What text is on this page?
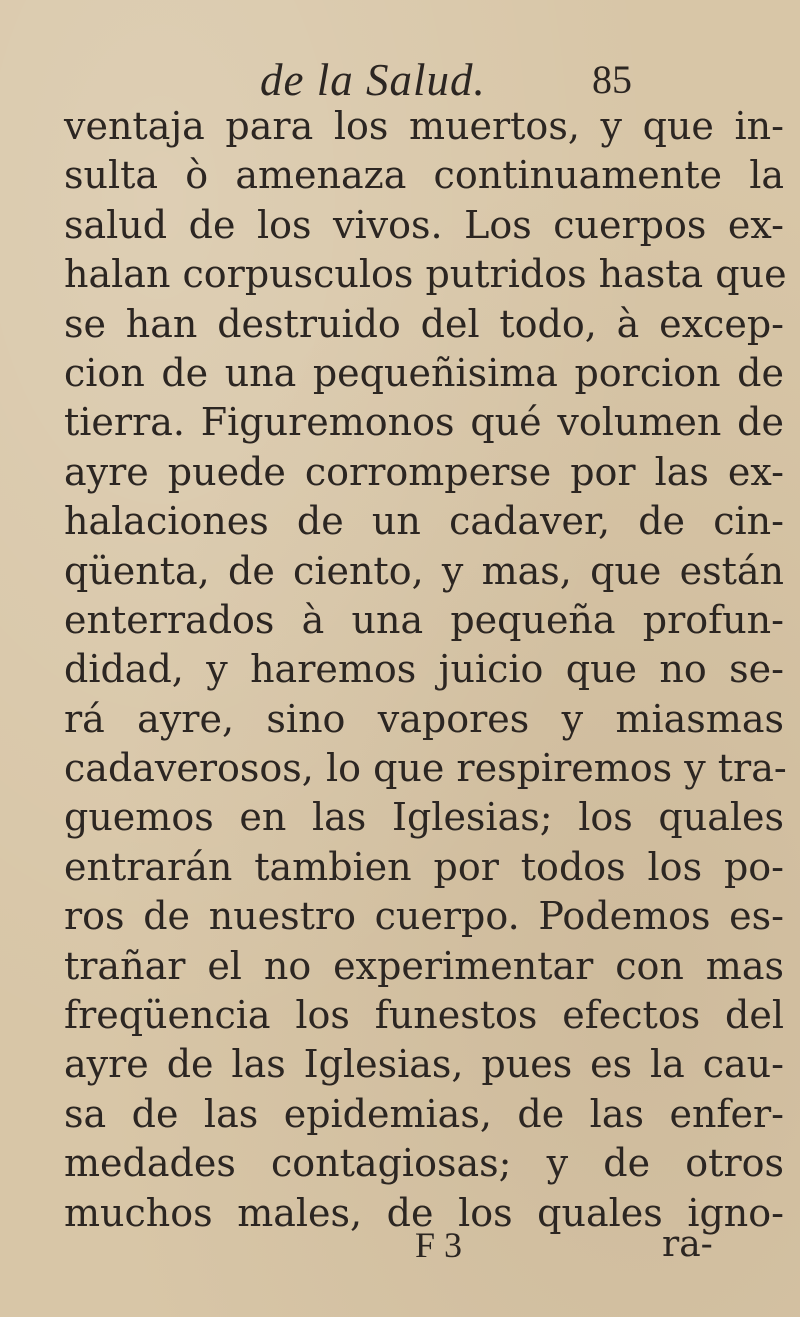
de la Salud.	85
ventaja para los muertos, y que in-
sulta ò amenaza continuamente la
salud de los vivos. Los cuerpos ex-
halan corpusculos putridos hasta que
se han destruido del todo, à excep-
cion de una pequeñisima porcion de
tierra. Figuremonos qué volumen de
ayre puede corromperse por las ex-
halaciones de un cadaver, de cin-
qüenta, de ciento, y mas, que están
enterrados à una pequeña profun-
didad, y haremos juicio que no se-
rá ayre, sino vapores y miasmas
cadaverosos, lo que respiremos y tra-
guemos en las Iglesias; los quales
entrarán tambien por todos los po-
ros de nuestro cuerpo. Podemos es-
trañar el no experimentar con mas
freqüencia los funestos efectos del
ayre de las Iglesias, pues es la cau-
sa de las epidemias, de las enfer-
medades contagiosas; y de otros
muchos males, de los quales igno-
F 3	ra-
